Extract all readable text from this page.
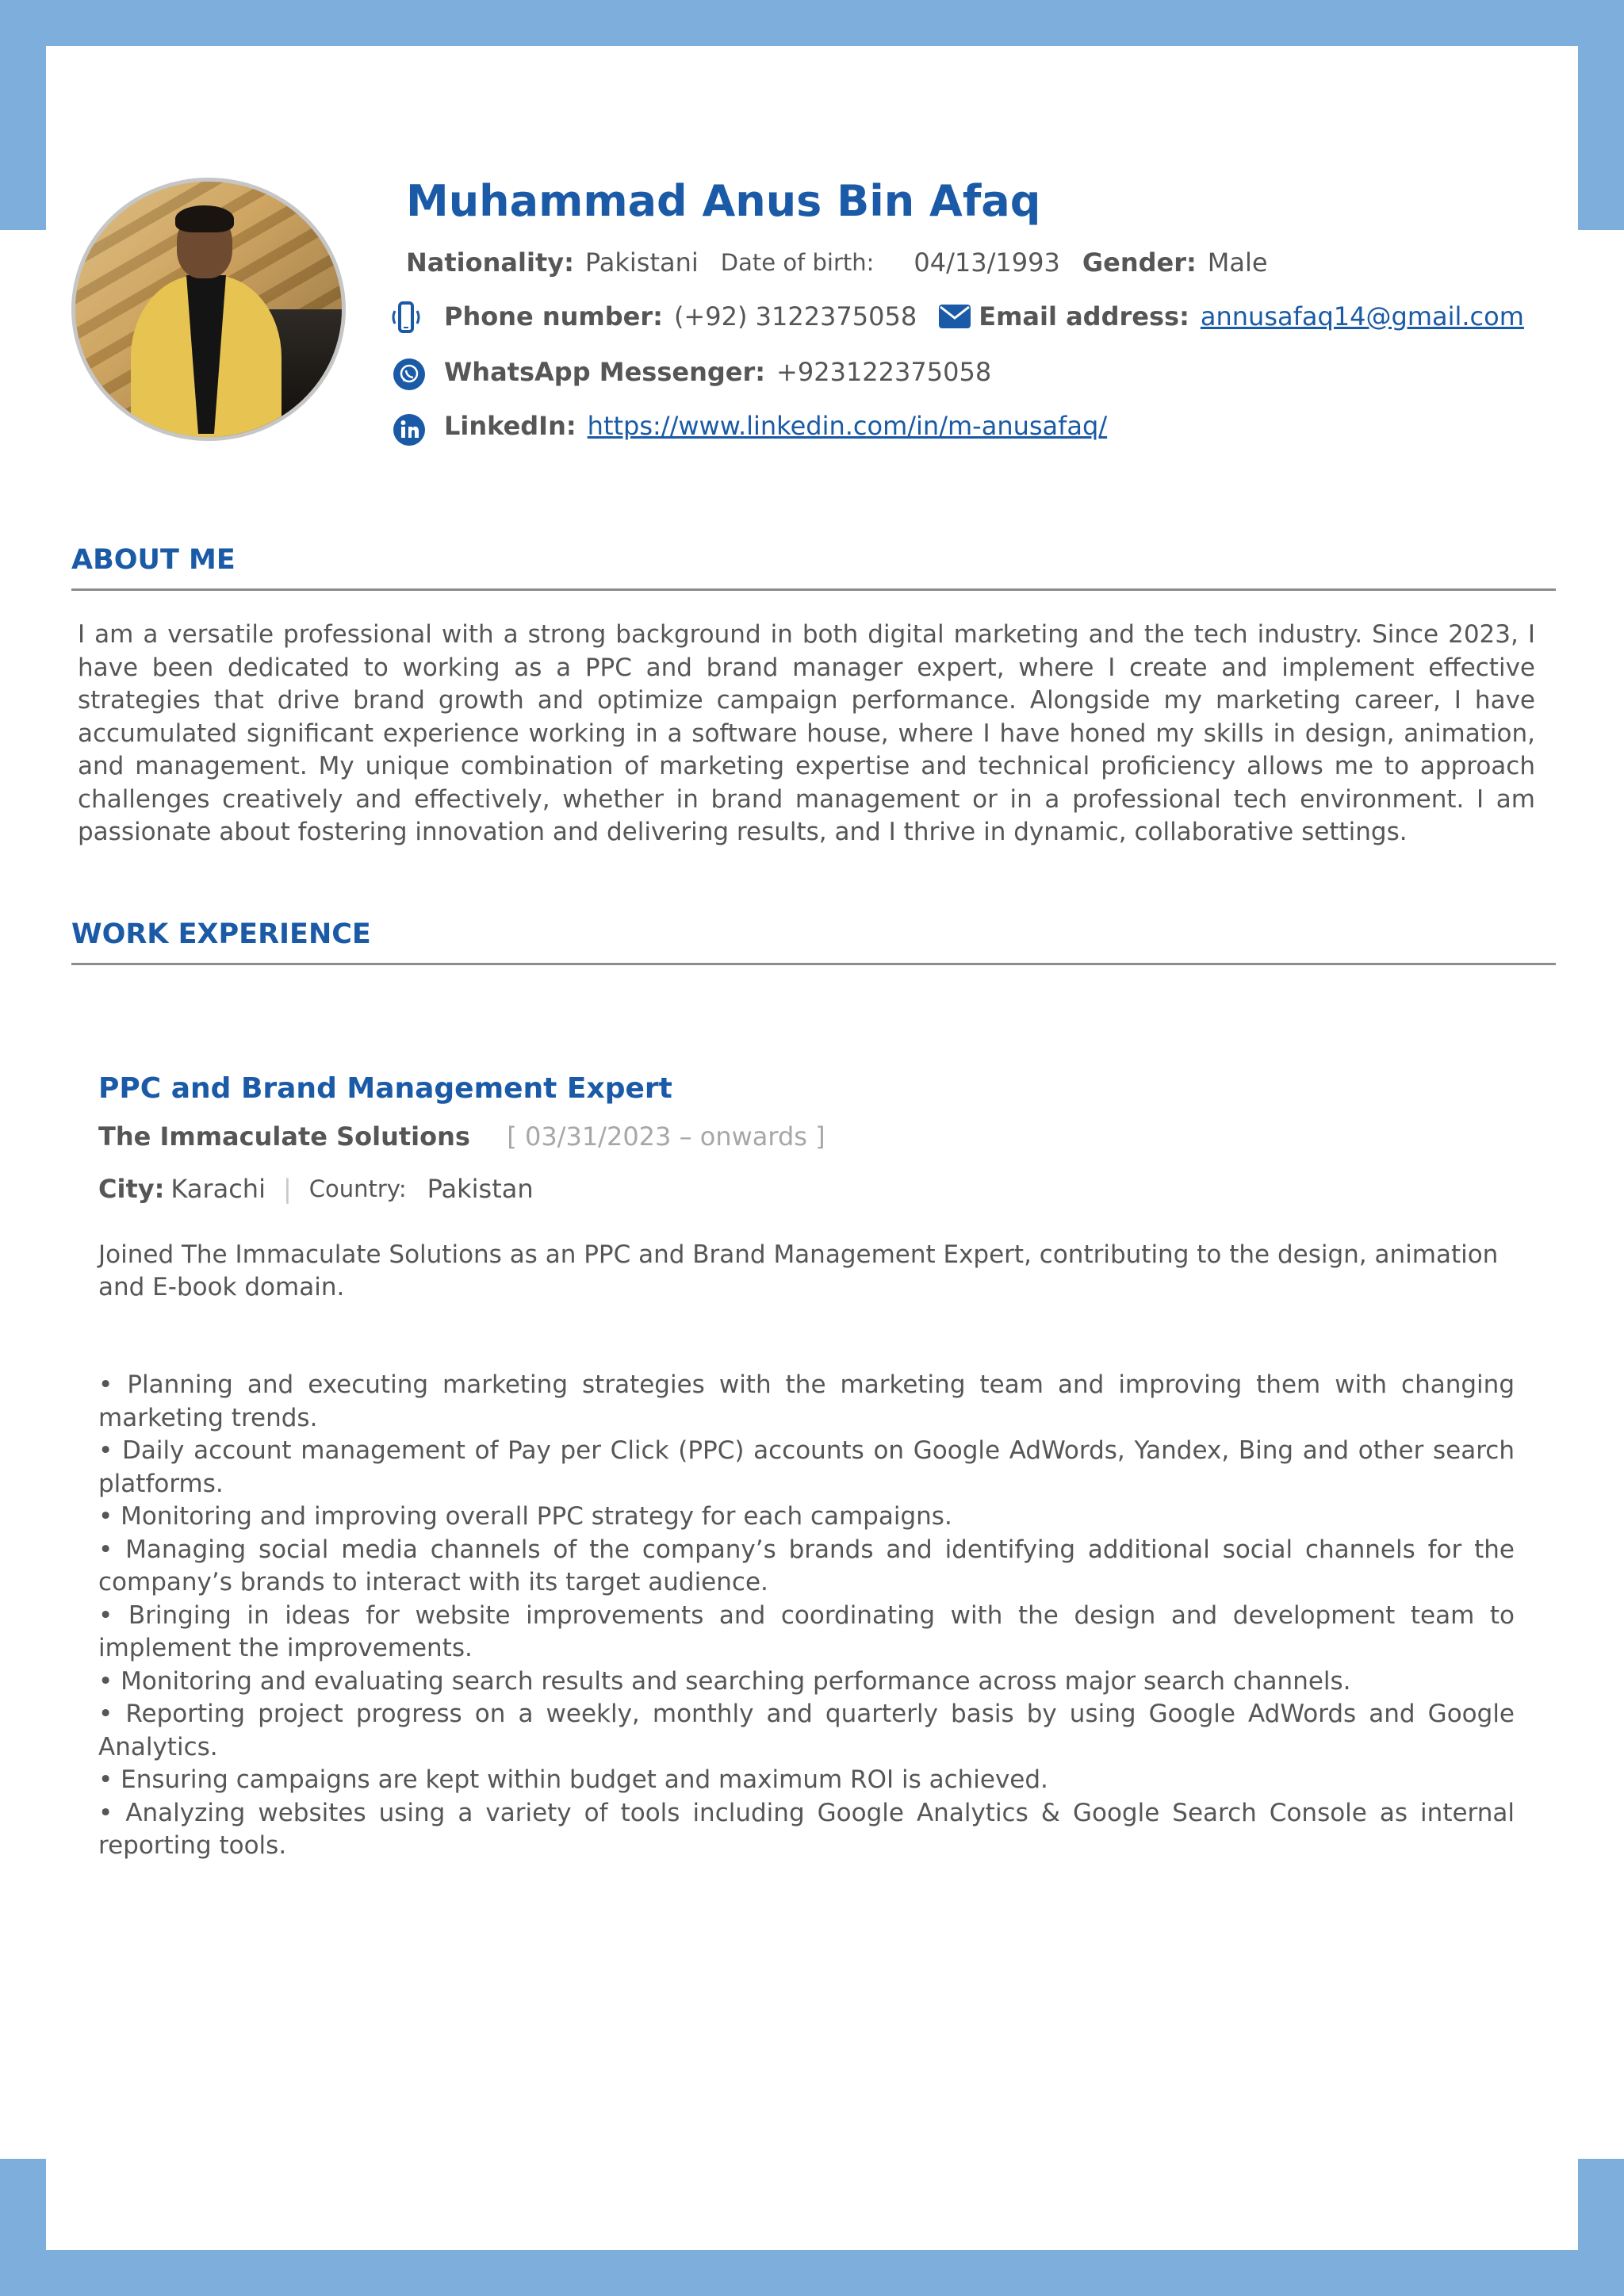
Muhammad Anus Bin Afaq
Nationality: Pakistani Date of birth: 04/13/1993 Gender: Male
Phone number: (+92) 3122375058 Email address: annusafaq14@gmail.com
WhatsApp Messenger: +923122375058
LinkedIn: https://www.linkedin.com/in/m-anusafaq/
ABOUT ME

I am a versatile professional with a strong background in both digital marketing and the tech industry. Since 2023, I have been dedicated to working as a PPC and brand manager expert, where I create and implement effective strategies that drive brand growth and optimize campaign performance. Alongside my marketing career, I have accumulated significant experience working in a software house, where I have honed my skills in design, animation, and management. My unique combination of marketing expertise and technical proficiency allows me to approach challenges creatively and effectively, whether in brand management or in a professional tech environment. I am passionate about fostering innovation and delivering results, and I thrive in dynamic, collaborative settings.

WORK EXPERIENCE
PPC and Brand Management Expert
The Immaculate Solutions [ 03/31/2023 – onwards ]
City: Karachi | Country: Pakistan

Joined The Immaculate Solutions as an PPC and Brand Management Expert, contributing to the design, animation and E-book domain.

• Planning and executing marketing strategies with the marketing team and improving them with changing marketing trends.
• Daily account management of Pay per Click (PPC) accounts on Google AdWords, Yandex, Bing and other search platforms.
• Monitoring and improving overall PPC strategy for each campaigns.
• Managing social media channels of the company’s brands and identifying additional social channels for the company’s brands to interact with its target audience.
• Bringing in ideas for website improvements and coordinating with the design and development team to implement the improvements.
• Monitoring and evaluating search results and searching performance across major search channels.
• Reporting project progress on a weekly, monthly and quarterly basis by using Google AdWords and Google Analytics.
• Ensuring campaigns are kept within budget and maximum ROI is achieved.
• Analyzing websites using a variety of tools including Google Analytics & Google Search Console as internal reporting tools.
